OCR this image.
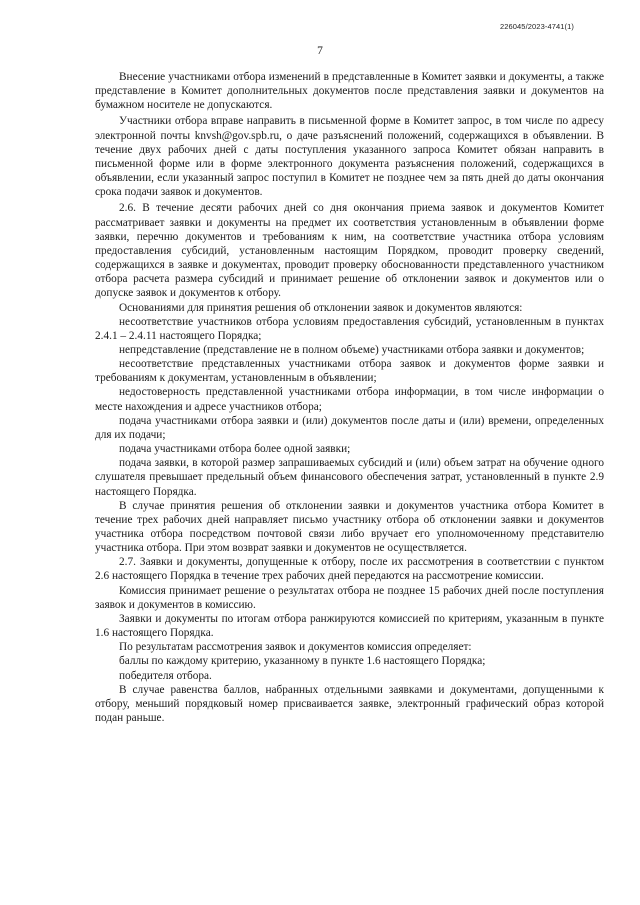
226045/2023-4741(1)
7

Внесение участниками отбора изменений в представленные в Комитет заявки и документы, а также представление в Комитет дополнительных документов после представления заявки и документов на бумажном носителе не допускаются.

Участники отбора вправе направить в письменной форме в Комитет запрос, в том числе по адресу электронной почты knvsh@gov.spb.ru, о даче разъяснений положений, содержащихся в объявлении. В течение двух рабочих дней с даты поступления указанного запроса Комитет обязан направить в письменной форме или в форме электронного документа разъяснения положений, содержащихся в объявлении, если указанный запрос поступил в Комитет не позднее чем за пять дней до даты окончания срока подачи заявок и документов.

2.6. В течение десяти рабочих дней со дня окончания приема заявок и документов Комитет рассматривает заявки и документы на предмет их соответствия установленным в объявлении форме заявки, перечню документов и требованиям к ним, на соответствие участника отбора условиям предоставления субсидий, установленным настоящим Порядком, проводит проверку сведений, содержащихся в заявке и документах, проводит проверку обоснованности представленного участником отбора расчета размера субсидий и принимает решение об отклонении заявок и документов или о допуске заявок и документов к отбору.

Основаниями для принятия решения об отклонении заявок и документов являются:

несоответствие участников отбора условиям предоставления субсидий, установленным в пунктах 2.4.1 – 2.4.11 настоящего Порядка;

непредставление (представление не в полном объеме) участниками отбора заявки и документов;

несоответствие представленных участниками отбора заявок и документов форме заявки и требованиям к документам, установленным в объявлении;

недостоверность представленной участниками отбора информации, в том числе информации о месте нахождения и адресе участников отбора;

подача участниками отбора заявки и (или) документов после даты и (или) времени, определенных для их подачи;

подача участниками отбора более одной заявки;

подача заявки, в которой размер запрашиваемых субсидий и (или) объем затрат на обучение одного слушателя превышает предельный объем финансового обеспечения затрат, установленный в пункте 2.9 настоящего Порядка.

В случае принятия решения об отклонении заявки и документов участника отбора Комитет в течение трех рабочих дней направляет письмо участнику отбора об отклонении заявки и документов участника отбора посредством почтовой связи либо вручает его уполномоченному представителю участника отбора. При этом возврат заявки и документов не осуществляется.

2.7. Заявки и документы, допущенные к отбору, после их рассмотрения в соответствии с пунктом 2.6 настоящего Порядка в течение трех рабочих дней передаются на рассмотрение комиссии.

Комиссия принимает решение о результатах отбора не позднее 15 рабочих дней после поступления заявок и документов в комиссию.

Заявки и документы по итогам отбора ранжируются комиссией по критериям, указанным в пункте 1.6 настоящего Порядка.

По результатам рассмотрения заявок и документов комиссия определяет:

баллы по каждому критерию, указанному в пункте 1.6 настоящего Порядка;

победителя отбора.

В случае равенства баллов, набранных отдельными заявками и документами, допущенными к отбору, меньший порядковый номер присваивается заявке, электронный графический образ которой подан раньше.
